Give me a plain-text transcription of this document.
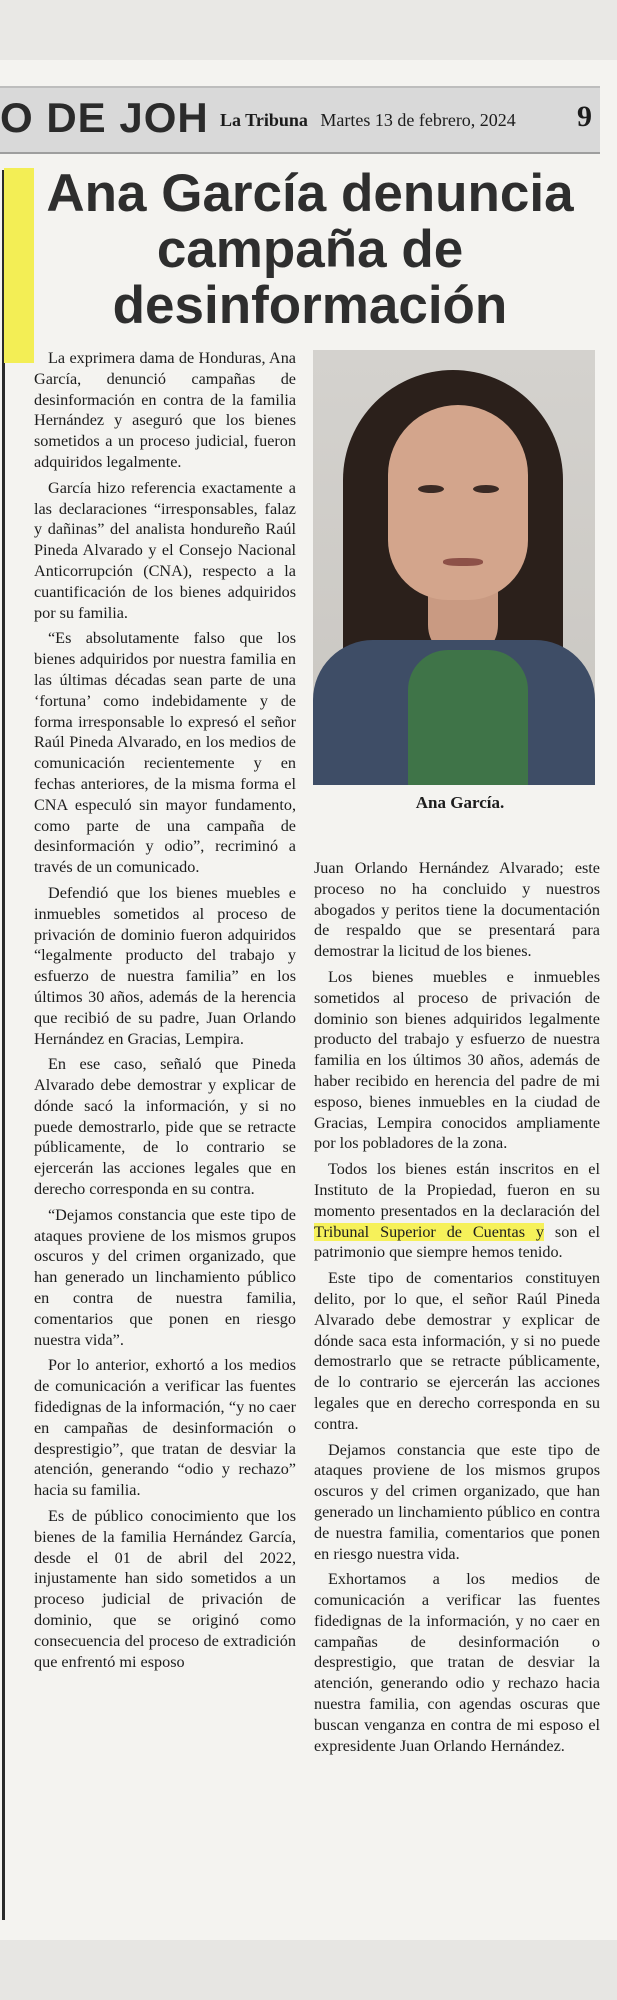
O DE JOH La Tribuna Martes 13 de febrero, 2024 9
Ana García denuncia campaña de desinformación

La exprimera dama de Honduras, Ana García, denunció campañas de desinformación en contra de la familia Hernández y aseguró que los bienes sometidos a un proceso judicial, fueron adquiridos legalmente.

García hizo referencia exactamente a las declaraciones “irresponsables, falaz y dañinas” del analista hondureño Raúl Pineda Alvarado y el Consejo Nacional Anticorrupción (CNA), respecto a la cuantificación de los bienes adquiridos por su familia.

“Es absolutamente falso que los bienes adquiridos por nuestra familia en las últimas décadas sean parte de una ‘fortuna’ como indebidamente y de forma irresponsable lo expresó el señor Raúl Pineda Alvarado, en los medios de comunicación recientemente y en fechas anteriores, de la misma forma el CNA especuló sin mayor fundamento, como parte de una campaña de desinformación y odio”, recriminó a través de un comunicado.

Defendió que los bienes muebles e inmuebles sometidos al proceso de privación de dominio fueron adquiridos “legalmente producto del trabajo y esfuerzo de nuestra familia” en los últimos 30 años, además de la herencia que recibió de su padre, Juan Orlando Hernández en Gracias, Lempira.

En ese caso, señaló que Pineda Alvarado debe demostrar y explicar de dónde sacó la información, y si no puede demostrarlo, pide que se retracte públicamente, de lo contrario se ejercerán las acciones legales que en derecho corresponda en su contra.

“Dejamos constancia que este tipo de ataques proviene de los mismos grupos oscuros y del crimen organizado, que han generado un linchamiento público en contra de nuestra familia, comentarios que ponen en riesgo nuestra vida”.

Por lo anterior, exhortó a los medios de comunicación a verificar las fuentes fidedignas de la información, “y no caer en campañas de desinformación o desprestigio”, que tratan de desviar la atención, generando “odio y rechazo” hacia su familia.

Es de público conocimiento que los bienes de la familia Hernández García, desde el 01 de abril del 2022, injustamente han sido sometidos a un proceso judicial de privación de dominio, que se originó como consecuencia del proceso de extradición que enfrentó mi esposo

Ana García.

Juan Orlando Hernández Alvarado; este proceso no ha concluido y nuestros abogados y peritos tiene la documentación de respaldo que se presentará para demostrar la licitud de los bienes.

Los bienes muebles e inmuebles sometidos al proceso de privación de dominio son bienes adquiridos legalmente producto del trabajo y esfuerzo de nuestra familia en los últimos 30 años, además de haber recibido en herencia del padre de mi esposo, bienes inmuebles en la ciudad de Gracias, Lempira conocidos ampliamente por los pobladores de la zona.

Todos los bienes están inscritos en el Instituto de la Propiedad, fueron en su momento presentados en la declaración del Tribunal Superior de Cuentas y son el patrimonio que siempre hemos tenido.

Este tipo de comentarios constituyen delito, por lo que, el señor Raúl Pineda Alvarado debe demostrar y explicar de dónde saca esta información, y si no puede demostrarlo que se retracte públicamente, de lo contrario se ejercerán las acciones legales que en derecho corresponda en su contra.

Dejamos constancia que este tipo de ataques proviene de los mismos grupos oscuros y del crimen organizado, que han generado un linchamiento público en contra de nuestra familia, comentarios que ponen en riesgo nuestra vida.

Exhortamos a los medios de comunicación a verificar las fuentes fidedignas de la información, y no caer en campañas de desinformación o desprestigio, que tratan de desviar la atención, generando odio y rechazo hacia nuestra familia, con agendas oscuras que buscan venganza en contra de mi esposo el expresidente Juan Orlando Hernández.
